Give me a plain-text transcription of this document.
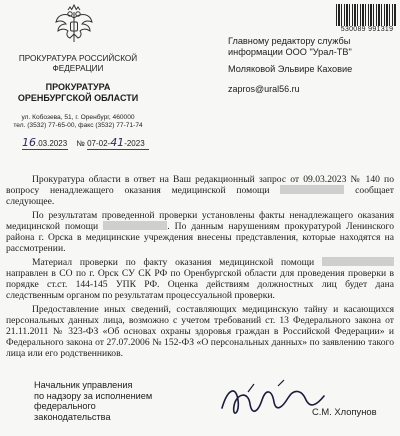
530089 991319
ПРОКУРАТУРА РОССИЙСКОЙ
ФЕДЕРАЦИИ
ПРОКУРАТУРА
ОРЕНБУРГСКОЙ ОБЛАСТИ
ул. Кобозева, 51, г. Оренбург, 460000
тел. (3532) 77-65-00, факс (3532) 77-71-74
16.03.2023 № 07-02-41-2023
Главному редактору службы
информации ООО "Урал-ТВ"
Моляковой Эльвире Каховие
zapros@ural56.ru

Прокуратура области в ответ на Ваш редакционный запрос от 09.03.2023 № 140 по вопросу ненадлежащего оказания медицинской помощи	сообщает следующее.

По результатам проведенной проверки установлены факты ненадлежащего оказания медицинской помощи	. По данным нарушениям прокуратурой Ленинского района г. Орска в медицинские учреждения внесены представления, которые находятся на рассмотрении.

Материал проверки по факту оказания медицинской помощи  направлен в СО по г. Орск СУ СК РФ по Оренбургской области для проведения проверки в порядке ст.ст. 144-145 УПК РФ. Оценка действиям должностных лиц будет дана следственным органом по результатам процессуальной проверки.

Предоставление иных сведений, составляющих медицинскую тайну и касающихся персональных данных лица, возможно с учетом требований ст. 13 Федерального закона от 21.11.2011 № 323-ФЗ «Об основах охраны здоровья граждан в Российской Федерации» и Федерального закона от 27.07.2006 № 152-ФЗ «О персональных данных» по заявлению такого лица или его родственников.

Начальник управления
по надзору за исполнением
федерального законодательства	С.М. Хлопунов
